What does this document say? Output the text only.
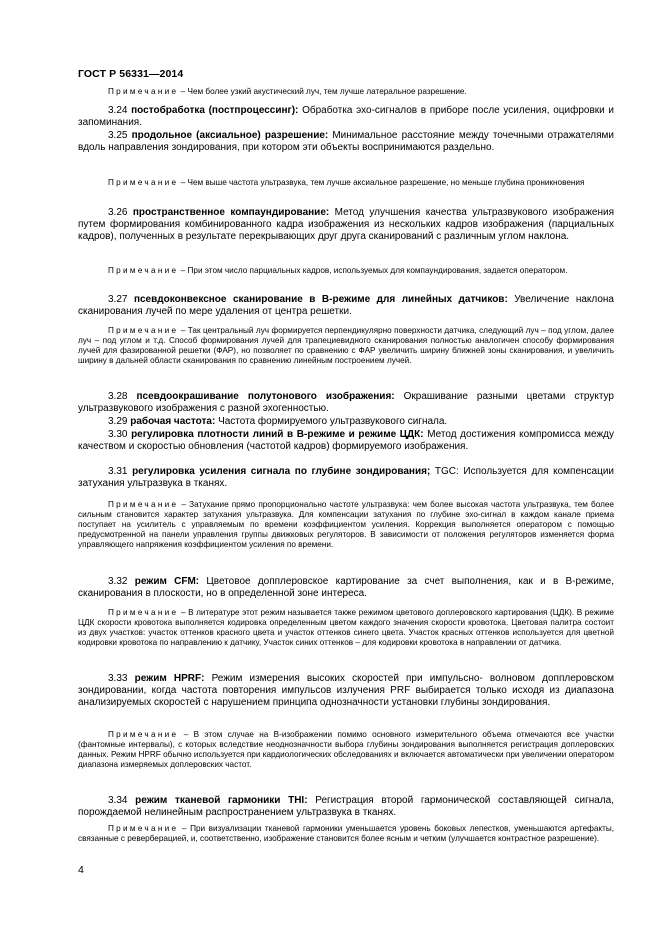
ГОСТ Р 56331—2014

Примечание – Чем более узкий акустический луч, тем лучше латеральное разрешение.

3.24 постобработка (постпроцессинг): Обработка эхо-сигналов в приборе после усиления, оцифровки и запоминания.

3.25 продольное (аксиальное) разрешение: Минимальное расстояние между точечными отражателями вдоль направления зондирования, при котором эти объекты воспринимаются раздельно.

Примечание – Чем выше частота ультразвука, тем лучше аксиальное разрешение, но меньше глубина проникновения

3.26 пространственное компаундирование: Метод улучшения качества ультразвукового изображения путем формирования комбинированного кадра изображения из нескольких кадров изображения (парциальных кадров), полученных в результате перекрывающих друг друга сканирований с различным углом наклона.

Примечание – При этом число парциальных кадров, используемых для компаундирования, задается оператором.

3.27 псевдоконвексное сканирование в В-режиме для линейных датчиков: Увеличение наклона сканирования лучей по мере удаления от центра решетки.

Примечание – Так центральный луч формируется перпендикулярно поверхности датчика, следующий луч – под углом, далее луч – под углом и т.д. Способ формирования лучей для трапециевидного сканирования полностью аналогичен способу формирования лучей для фазированной решетки (ФАР), но позволяет по сравнению с ФАР увеличить ширину ближней зоны сканирования, и увеличить ширину в дальней области сканирования по сравнению линейным построением лучей.

3.28 псевдоокрашивание полутонового изображения: Окрашивание разными цветами структур ультразвукового изображения с разной эхогенностью.

3.29 рабочая частота: Частота формируемого ультразвукового сигнала.

3.30 регулировка плотности линий в В-режиме и режиме ЦДК: Метод достижения компромисса между качеством и скоростью обновления (частотой кадров) формируемого изображения.

3.31 регулировка усиления сигнала по глубине зондирования; TGC: Используется для компенсации затухания ультразвука в тканях.

Примечание – Затухание прямо пропорционально частоте ультразвука: чем более высокая частота ультразвука, тем более сильным становится характер затухания ультразвука. Для компенсации затухания по глубине эхо-сигнал в каждом канале приема поступает на усилитель с управляемым по времени коэффициентом усиления. Коррекция выполняется оператором с помощью предусмотренной на панели управления группы движковых регуляторов. В зависимости от положения регуляторов изменяется форма управляющего напряжения коэффициентом усиления по времени.

3.32 режим CFM: Цветовое допплеровское картирование за счет выполнения, как и в В-режиме, сканирования в плоскости, но в определенной зоне интереса.

Примечание – В литературе этот режим называется также режимом цветового доплеровского картирования (ЦДК). В режиме ЦДК скорости кровотока выполняется кодировка определенным цветом каждого значения скорости кровотока. Цветовая палитра состоит из двух участков: участок оттенков красного цвета и участок оттенков синего цвета. Участок красных оттенков используется для цветной кодировки кровотока по направлению к датчику, Участок синих оттенков – для кодировки кровотока в направлении от датчика.

3.33 режим HPRF: Режим измерения высоких скоростей при импульсно- волновом допплеровском зондировании, когда частота повторения импульсов излучения PRF выбирается только исходя из диапазона анализируемых скоростей с нарушением принципа однозначности установки глубины зондирования.

Примечание – В этом случае на В-изображении помимо основного измерительного объема отмечаются все участки (фантомные интервалы), с которых вследствие неоднозначности выбора глубины зондирования выполняется регистрация доплеровских данных. Режим HPRF обычно используется при кардиологических обследованиях и включается автоматически при увеличении оператором диапазона измеряемых доплеровских частот.

3.34 режим тканевой гармоники THI: Регистрация второй гармонической составляющей сигнала, порождаемой нелинейным распространением ультразвука в тканях.

Примечание – При визуализации тканевой гармоники уменьшается уровень боковых лепестков, уменьшаются артефакты, связанные с реверберацией, и, соответственно, изображение становится более ясным и четким (улучшается контрастное разрешение).

4
